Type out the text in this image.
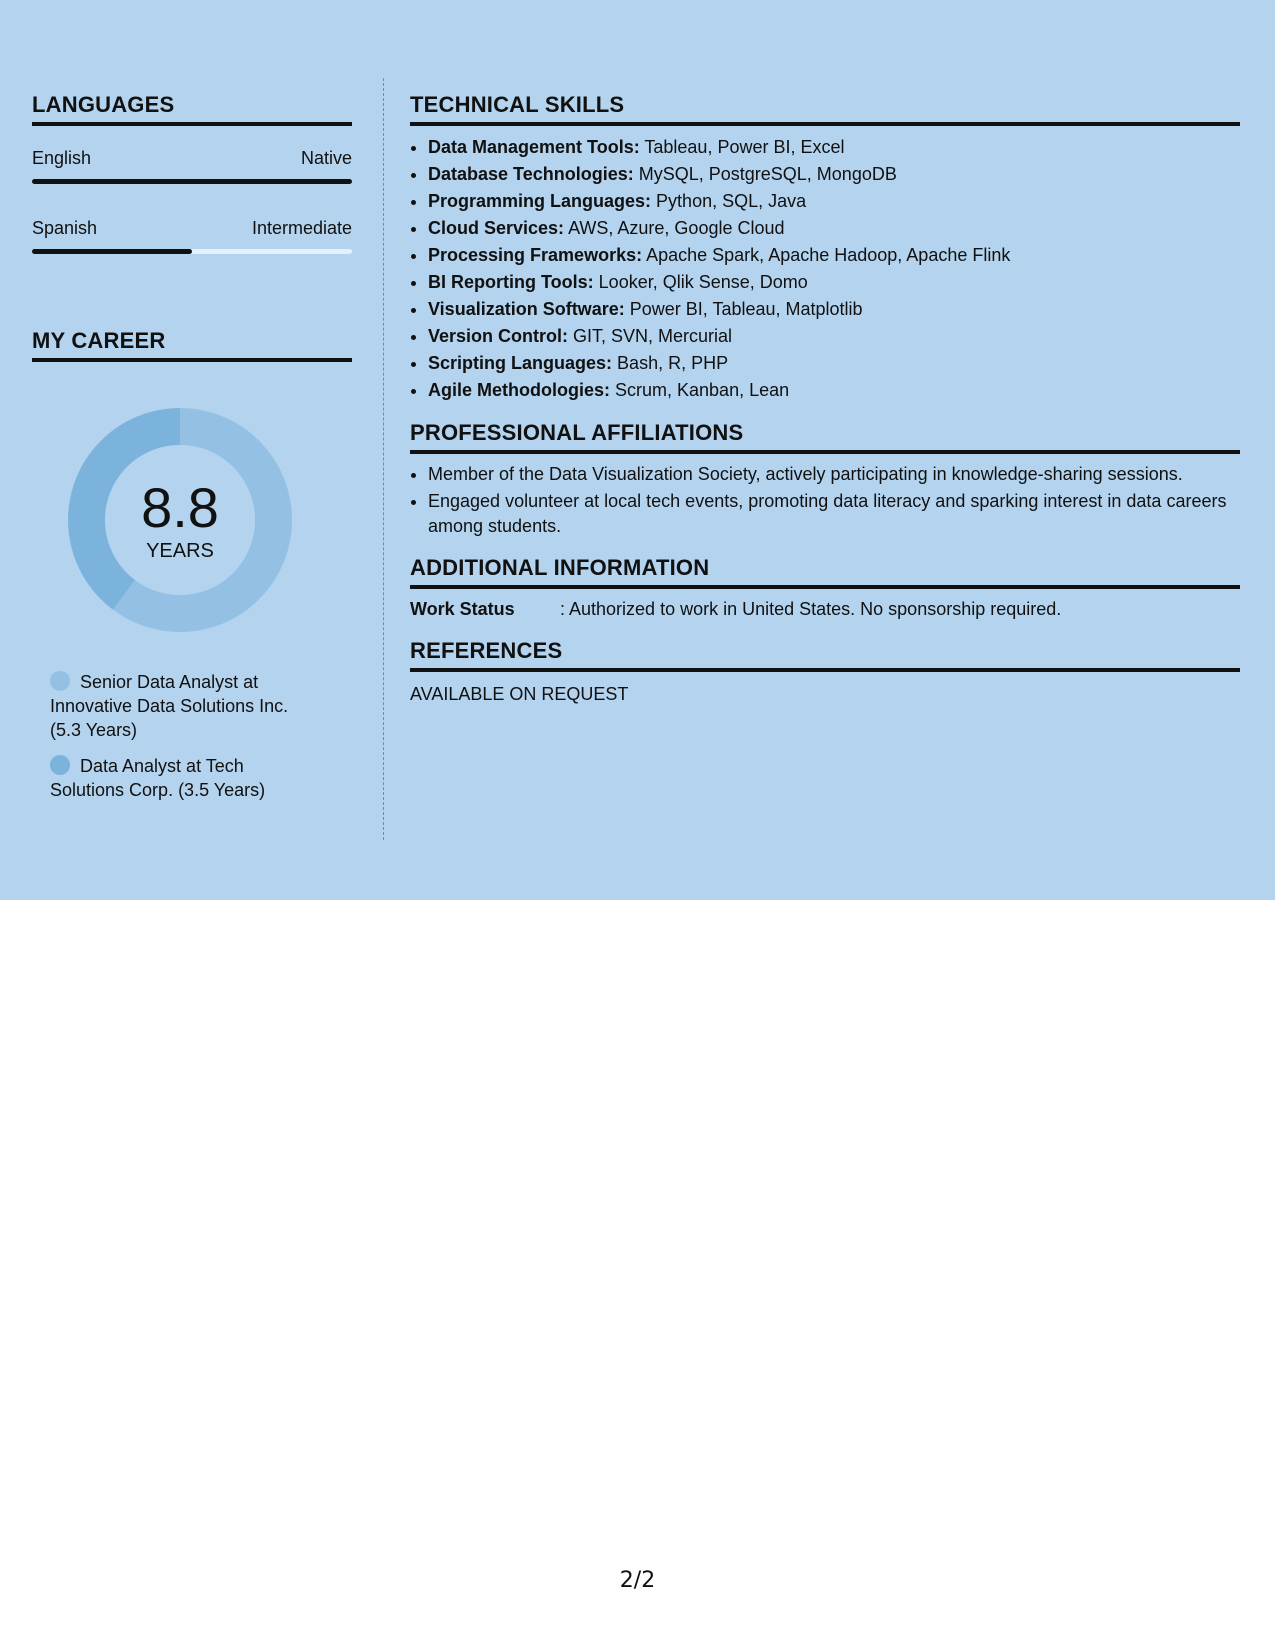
LANGUAGES
English	Native
Spanish	Intermediate
MY CAREER
8.8
YEARS
Senior Data Analyst at Innovative Data Solutions Inc. (5.3 Years)
Data Analyst at Tech Solutions Corp. (3.5 Years)
TECHNICAL SKILLS
• Data Management Tools: Tableau, Power BI, Excel
• Database Technologies: MySQL, PostgreSQL, MongoDB
• Programming Languages: Python, SQL, Java
• Cloud Services: AWS, Azure, Google Cloud
• Processing Frameworks: Apache Spark, Apache Hadoop, Apache Flink
• BI Reporting Tools: Looker, Qlik Sense, Domo
• Visualization Software: Power BI, Tableau, Matplotlib
• Version Control: GIT, SVN, Mercurial
• Scripting Languages: Bash, R, PHP
• Agile Methodologies: Scrum, Kanban, Lean
PROFESSIONAL AFFILIATIONS
• Member of the Data Visualization Society, actively participating in knowledge-sharing sessions.
• Engaged volunteer at local tech events, promoting data literacy and sparking interest in data careers among students.
ADDITIONAL INFORMATION
Work Status	: Authorized to work in United States. No sponsorship required.
REFERENCES
AVAILABLE ON REQUEST
2/2
